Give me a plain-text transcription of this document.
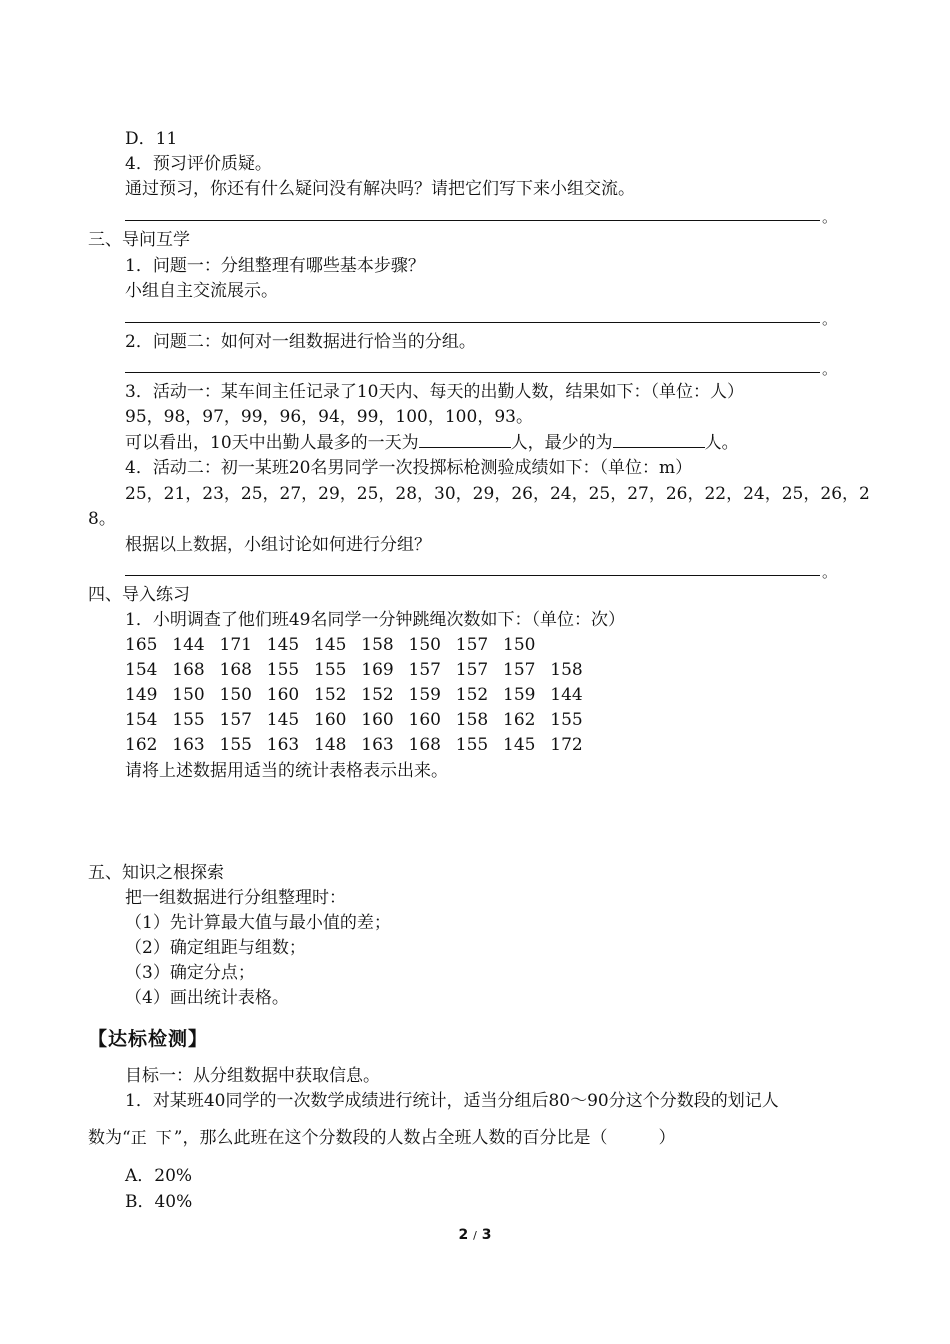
D．11
4．预习评价质疑。
通过预习，你还有什么疑问没有解决吗？请把它们写下来小组交流。
。
三、导问互学
1．问题一：分组整理有哪些基本步骤？
小组自主交流展示。
。
2．问题二：如何对一组数据进行恰当的分组。
。
3．活动一：某车间主任记录了10天内、每天的出勤人数，结果如下：（单位：人）
95，98，97，99，96，94，99，100，100，93。
可以看出，10天中出勤人最多的一天为	人，最少的为	人。
4．活动二：初一某班20名男同学一次投掷标枪测验成绩如下：（单位：m）
25，21，23，25，27，29，25，28，30，29，26，24，25，27，26，22，24，25，26，2
8。
根据以上数据，小组讨论如何进行分组？
。
四、导入练习
1．小明调查了他们班49名同学一分钟跳绳次数如下：（单位：次）
165  144  171  145  145  158  150  157  150
154  168  168  155  155  169  157  157  157  158
149  150  150  160  152  152  159  152  159  144
154  155  157  145  160  160  160  158  162  155
162  163  155  163  148  163  168  155  145  172
请将上述数据用适当的统计表格表示出来。
五、知识之根探索
把一组数据进行分组整理时：
（1）先计算最大值与最小值的差；
（2）确定组距与组数；
（3）确定分点；
（4）画出统计表格。
【达标检测】
目标一：从分组数据中获取信息。
1．对某班40同学的一次数学成绩进行统计，适当分组后80～90分这个分数段的划记人
数为“正 下”，那么此班在这个分数段的人数占全班人数的百分比是（　　　）
A．20%
B．40%
2 / 3
